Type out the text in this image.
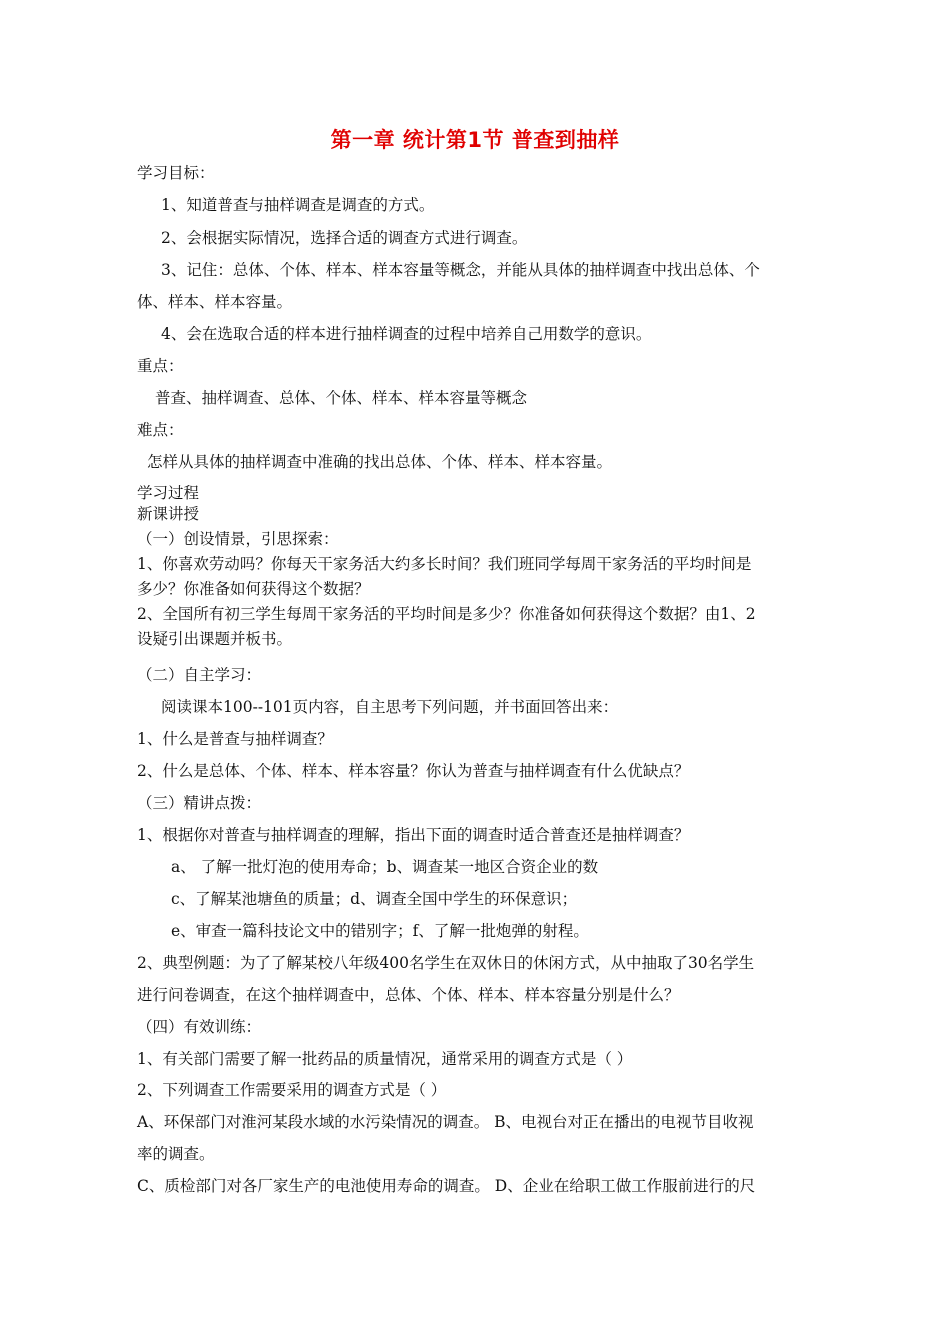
第一章 统计第1节 普查到抽样
学习目标：
1、知道普查与抽样调查是调查的方式。
2、会根据实际情况，选择合适的调查方式进行调查。
3、记住：总体、个体、样本、样本容量等概念，并能从具体的抽样调查中找出总体、个
体、样本、样本容量。
4、会在选取合适的样本进行抽样调查的过程中培养自己用数学的意识。
重点：
普查、抽样调查、总体、个体、样本、样本容量等概念
难点：
怎样从具体的抽样调查中准确的找出总体、个体、样本、样本容量。
学习过程
新课讲授
（一）创设情景，引思探索：
1、你喜欢劳动吗？你每天干家务活大约多长时间？我们班同学每周干家务活的平均时间是
多少？你准备如何获得这个数据？
2、全国所有初三学生每周干家务活的平均时间是多少？你准备如何获得这个数据？由1、2
设疑引出课题并板书。
（二）自主学习：
阅读课本100--101页内容，自主思考下列问题，并书面回答出来：
1、什么是普查与抽样调查？
2、什么是总体、个体、样本、样本容量？你认为普查与抽样调查有什么优缺点？
（三）精讲点拨：
1、根据你对普查与抽样调查的理解，指出下面的调查时适合普查还是抽样调查？
a、 了解一批灯泡的使用寿命；b、调查某一地区合资企业的数
c、了解某池塘鱼的质量；d、调查全国中学生的环保意识；
e、审查一篇科技论文中的错别字；f、了解一批炮弹的射程。
2、典型例题：为了了解某校八年级400名学生在双休日的休闲方式，从中抽取了30名学生
进行问卷调查，在这个抽样调查中，总体、个体、样本、样本容量分别是什么？
（四）有效训练：
1、有关部门需要了解一批药品的质量情况，通常采用的调查方式是（ ）
2、下列调查工作需要采用的调查方式是（ ）
A、环保部门对淮河某段水域的水污染情况的调查。 B、电视台对正在播出的电视节目收视
率的调查。
C、质检部门对各厂家生产的电池使用寿命的调查。 D、企业在给职工做工作服前进行的尺
